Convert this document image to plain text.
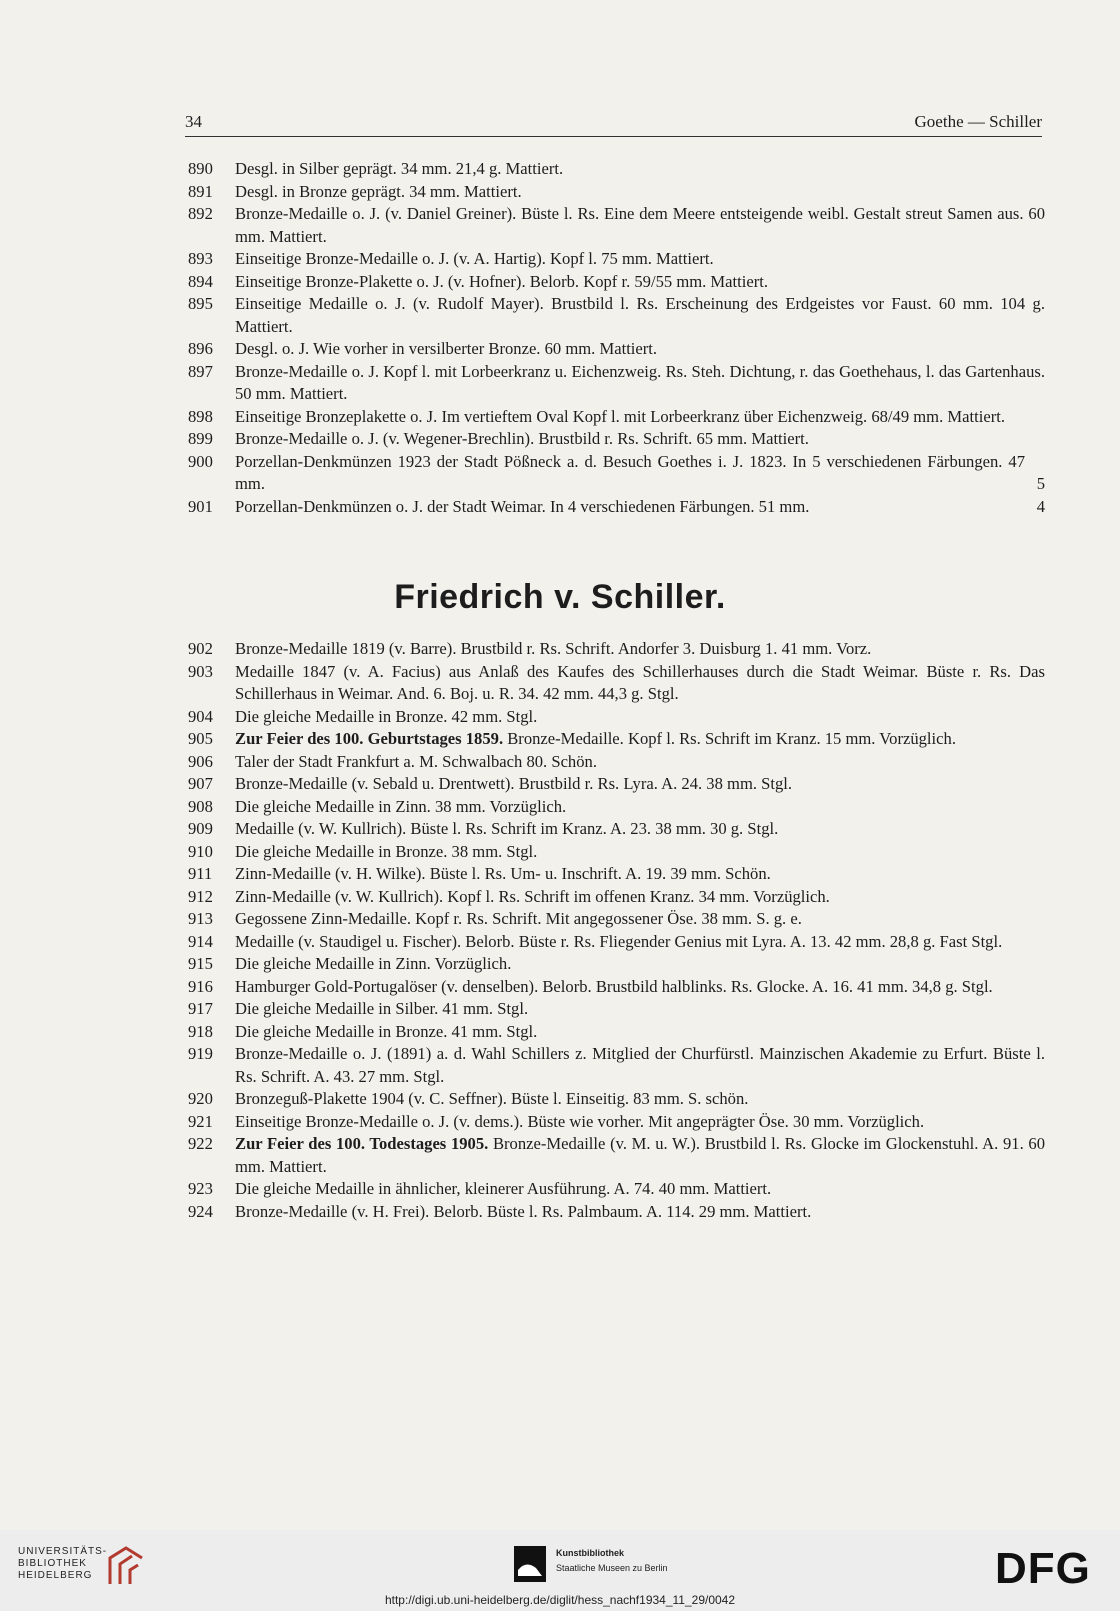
34	Goethe — Schiller
890	Desgl. in Silber geprägt. 34 mm. 21,4 g. Mattiert.
891	Desgl. in Bronze geprägt. 34 mm. Mattiert.
892	Bronze-Medaille o. J. (v. Daniel Greiner). Büste l. Rs. Eine dem Meere entsteigende weibl. Gestalt streut Samen aus. 60 mm. Mattiert.
893	Einseitige Bronze-Medaille o. J. (v. A. Hartig). Kopf l. 75 mm. Mattiert.
894	Einseitige Bronze-Plakette o. J. (v. Hofner). Belorb. Kopf r. 59/55 mm. Mattiert.
895	Einseitige Medaille o. J. (v. Rudolf Mayer). Brustbild l. Rs. Erscheinung des Erdgeistes vor Faust. 60 mm. 104 g. Mattiert.
896	Desgl. o. J. Wie vorher in versilberter Bronze. 60 mm. Mattiert.
897	Bronze-Medaille o. J. Kopf l. mit Lorbeerkranz u. Eichenzweig. Rs. Steh. Dichtung, r. das Goethehaus, l. das Gartenhaus. 50 mm. Mattiert.
898	Einseitige Bronzeplakette o. J. Im vertieftem Oval Kopf l. mit Lorbeerkranz über Eichenzweig. 68/49 mm. Mattiert.
899	Bronze-Medaille o. J. (v. Wegener-Brechlin). Brustbild r. Rs. Schrift. 65 mm. Mattiert.
900	Porzellan-Denkmünzen 1923 der Stadt Pößneck a. d. Besuch Goethes i. J. 1823. In 5 verschiedenen Färbungen. 47 mm.	5
901	Porzellan-Denkmünzen o. J. der Stadt Weimar. In 4 verschiedenen Färbungen. 51 mm.	4
Friedrich v. Schiller.
902	Bronze-Medaille 1819 (v. Barre). Brustbild r. Rs. Schrift. Andorfer 3. Duisburg 1. 41 mm. Vorz.
903	Medaille 1847 (v. A. Facius) aus Anlaß des Kaufes des Schillerhauses durch die Stadt Weimar. Büste r. Rs. Das Schillerhaus in Weimar. And. 6. Boj. u. R. 34. 42 mm. 44,3 g. Stgl.
904	Die gleiche Medaille in Bronze. 42 mm. Stgl.
905	Zur Feier des 100. Geburtstages 1859. Bronze-Medaille. Kopf l. Rs. Schrift im Kranz. 15 mm. Vorzüglich.
906	Taler der Stadt Frankfurt a. M. Schwalbach 80. Schön.
907	Bronze-Medaille (v. Sebald u. Drentwett). Brustbild r. Rs. Lyra. A. 24. 38 mm. Stgl.
908	Die gleiche Medaille in Zinn. 38 mm. Vorzüglich.
909	Medaille (v. W. Kullrich). Büste l. Rs. Schrift im Kranz. A. 23. 38 mm. 30 g. Stgl.
910	Die gleiche Medaille in Bronze. 38 mm. Stgl.
911	Zinn-Medaille (v. H. Wilke). Büste l. Rs. Um- u. Inschrift. A. 19. 39 mm. Schön.
912	Zinn-Medaille (v. W. Kullrich). Kopf l. Rs. Schrift im offenen Kranz. 34 mm. Vorzüglich.
913	Gegossene Zinn-Medaille. Kopf r. Rs. Schrift. Mit angegossener Öse. 38 mm. S. g. e.
914	Medaille (v. Staudigel u. Fischer). Belorb. Büste r. Rs. Fliegender Genius mit Lyra. A. 13. 42 mm. 28,8 g. Fast Stgl.
915	Die gleiche Medaille in Zinn. Vorzüglich.
916	Hamburger Gold-Portugalöser (v. denselben). Belorb. Brustbild halblinks. Rs. Glocke. A. 16. 41 mm. 34,8 g. Stgl.
917	Die gleiche Medaille in Silber. 41 mm. Stgl.
918	Die gleiche Medaille in Bronze. 41 mm. Stgl.
919	Bronze-Medaille o. J. (1891) a. d. Wahl Schillers z. Mitglied der Churfürstl. Mainzischen Akademie zu Erfurt. Büste l. Rs. Schrift. A. 43. 27 mm. Stgl.
920	Bronzeguß-Plakette 1904 (v. C. Seffner). Büste l. Einseitig. 83 mm. S. schön.
921	Einseitige Bronze-Medaille o. J. (v. dems.). Büste wie vorher. Mit angeprägter Öse. 30 mm. Vorzüglich.
922	Zur Feier des 100. Todestages 1905. Bronze-Medaille (v. M. u. W.). Brustbild l. Rs. Glocke im Glockenstuhl. A. 91. 60 mm. Mattiert.
923	Die gleiche Medaille in ähnlicher, kleinerer Ausführung. A. 74. 40 mm. Mattiert.
924	Bronze-Medaille (v. H. Frei). Belorb. Büste l. Rs. Palmbaum. A. 114. 29 mm. Mattiert.
UNIVERSITÄTS-
BIBLIOTHEK
HEIDELBERG
Kunstbibliothek
Staatliche Museen zu Berlin	DFG
http://digi.ub.uni-heidelberg.de/diglit/hess_nachf1934_11_29/0042
